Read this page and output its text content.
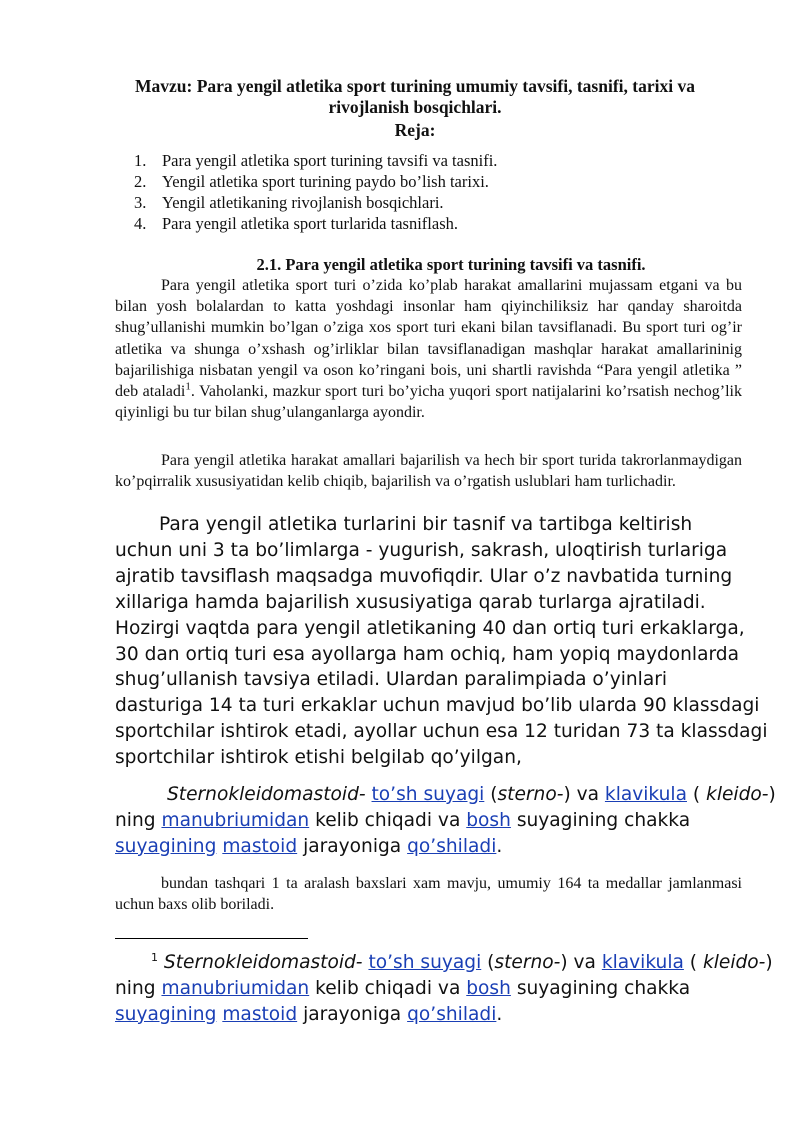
Mavzu: Para yengil atletika sport turining umumiy tavsifi, tasnifi, tarixi va
rivojlanish bosqichlari.
Reja:
1. Para yengil atletika sport turining tavsifi va tasnifi.
2. Yengil atletika sport turining paydo bo’lish tarixi.
3. Yengil atletikaning rivojlanish bosqichlari.
4. Para yengil atletika sport turlarida tasniflash.
2.1. Para yengil atletika sport turining tavsifi va tasnifi.
Para yengil atletika sport turi o’zida ko’plab harakat amallarini mujassam etgani va bu bilan yosh bolalardan to katta yoshdagi insonlar ham qiyinchiliksiz har qanday sharoitda shug’ullanishi mumkin bo’lgan o’ziga xos sport turi ekani bilan tavsiflanadi. Bu sport turi og’ir atletika va shunga o’xshash og’irliklar bilan tavsiflanadigan mashqlar harakat amallarininig bajarilishiga nisbatan yengil va oson ko’ringani bois, uni shartli ravishda “Para yengil atletika ” deb ataladi$^1$. Vaholanki, mazkur sport turi bo’yicha yuqori sport natijalarini ko’rsatish nechog’lik qiyinligi bu tur bilan shug’ulanganlarga ayondir.
Para yengil atletika harakat amallari bajarilish va hech bir sport turida takrorlanmaydigan ko’pqirralik xususiyatidan kelib chiqib, bajarilish va o’rgatish uslublari ham turlichadir.
Para yengil atletika turlarini bir tasnif va tartibga keltirish
uchun uni 3 ta bo’limlarga - yugurish, sakrash, uloqtirish turlariga
ajratib tavsiflash maqsadga muvofiqdir. Ular o’z navbatida turning
xillariga hamda bajarilish xususiyatiga qarab turlarga ajratiladi.
Hozirgi vaqtda para yengil atletikaning 40 dan ortiq turi erkaklarga,
30 dan ortiq turi esa ayollarga ham ochiq, ham yopiq maydonlarda
shug’ullanish tavsiya etiladi. Ulardan paralimpiada o’yinlari
dasturiga 14 ta turi erkaklar uchun mavjud bo’lib ularda 90 klassdagi
sportchilar ishtirok etadi, ayollar uchun esa 12 turidan 73 ta klassdagi
sportchilar ishtirok etishi belgilab qo’yilgan,
Sternokleidomastoid- to’sh suyagi (sterno-) va klavikula ( kleido-)
ning manubriumidan kelib chiqadi va bosh suyagining chakka
suyagining mastoid jarayoniga qo’shiladi.
bundan tashqari 1 ta aralash baxslari xam mavju, umumiy 164 ta medallar jamlanmasi uchun baxs olib boriladi.
$^1$ Sternokleidomastoid- to’sh suyagi (sterno-) va klavikula ( kleido-)
ning manubriumidan kelib chiqadi va bosh suyagining chakka
suyagining mastoid jarayoniga qo’shiladi.
